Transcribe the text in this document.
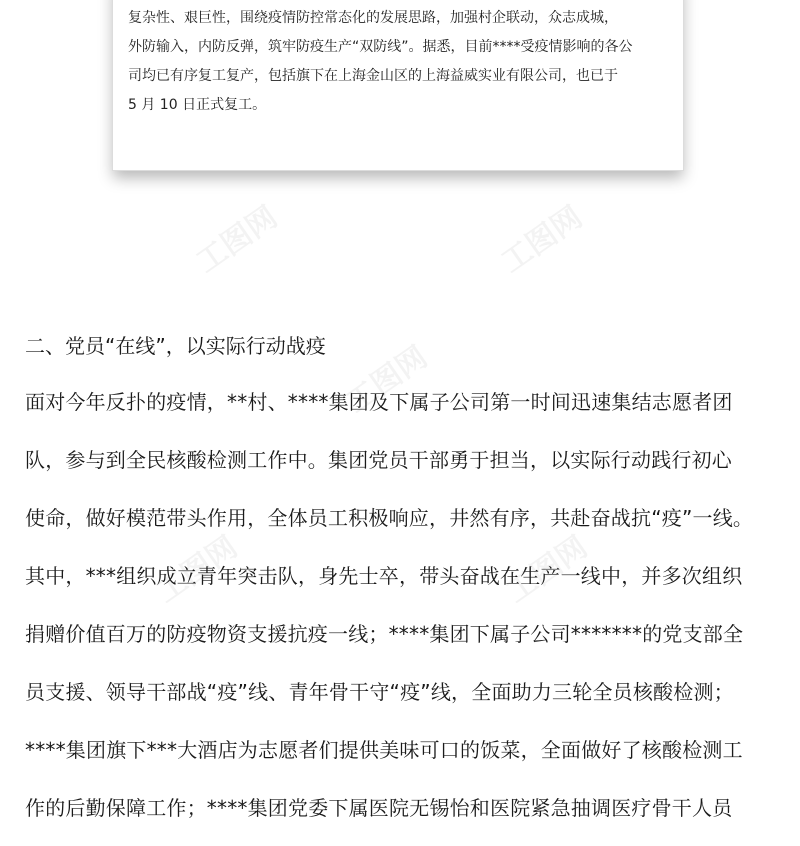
复杂性、艰巨性，围绕疫情防控常态化的发展思路，加强村企联动，众志成城，
外防输入，内防反弹，筑牢防疫生产“双防线”。据悉，目前****受疫情影响的各公
司均已有序复工复产，包括旗下在上海金山区的上海益威实业有限公司，也已于
5 月 10 日正式复工。
二、党员“在线”，以实际行动战疫
面对今年反扑的疫情，**村、****集团及下属子公司第一时间迅速集结志愿者团
队，参与到全民核酸检测工作中。集团党员干部勇于担当，以实际行动践行初心
使命，做好模范带头作用，全体员工积极响应，井然有序，共赴奋战抗“疫”一线。
其中，***组织成立青年突击队，身先士卒，带头奋战在生产一线中，并多次组织
捐赠价值百万的防疫物资支援抗疫一线；****集团下属子公司*******的党支部全
员支援、领导干部战“疫”线、青年骨干守“疫”线，全面助力三轮全员核酸检测；
****集团旗下***大酒店为志愿者们提供美味可口的饭菜，全面做好了核酸检测工
作的后勤保障工作；****集团党委下属医院无锡怡和医院紧急抽调医疗骨干人员
